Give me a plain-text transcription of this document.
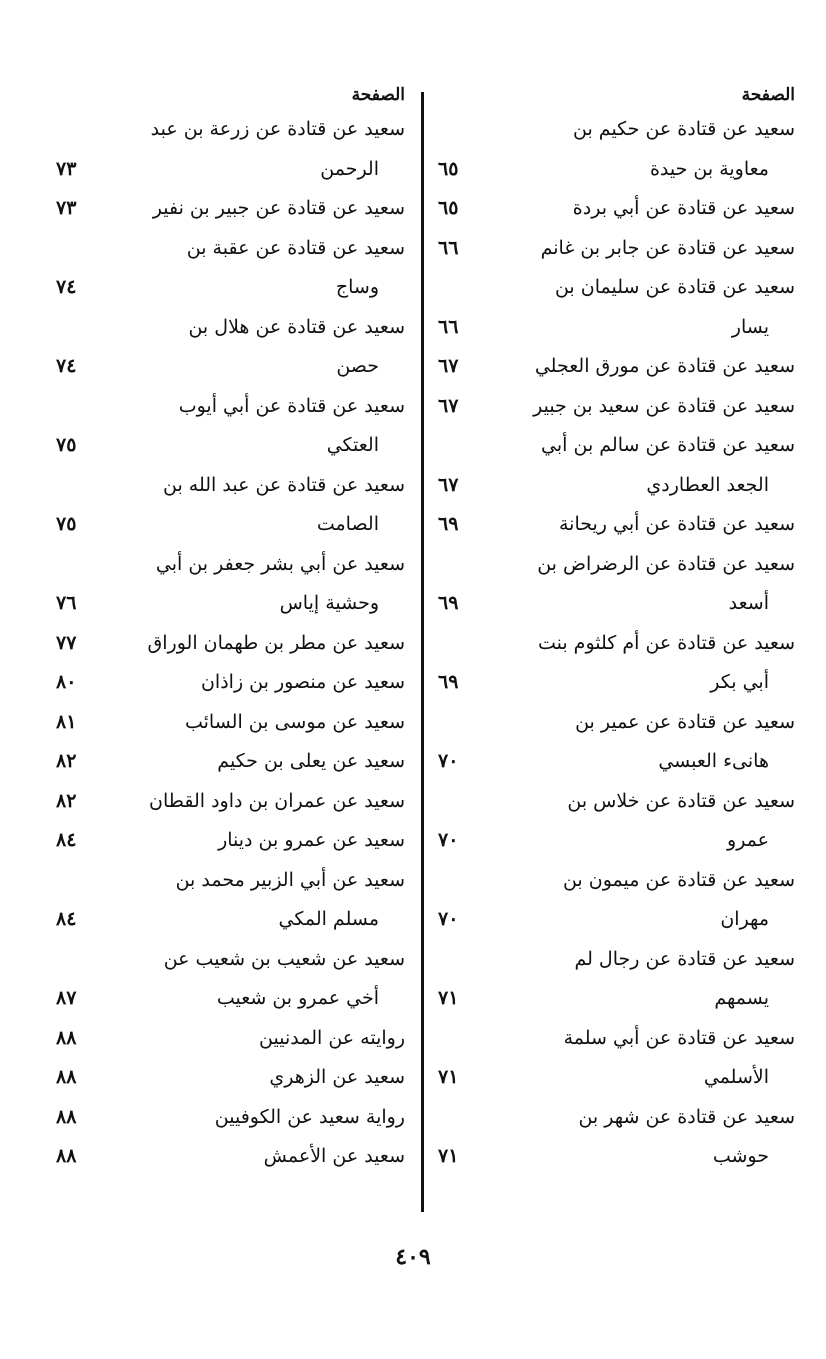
الصفحة
سعيد عن قتادة عن حكيم بن
معاوية بن حيدة
٦٥
سعيد عن قتادة عن أبي بردة
٦٥
سعيد عن قتادة عن جابر بن غانم
٦٦
سعيد عن قتادة عن سليمان بن
يسار
٦٦
سعيد عن قتادة عن مورق العجلي
٦٧
سعيد عن قتادة عن سعيد بن جبير
٦٧
سعيد عن قتادة عن سالم بن أبي
الجعد العطاردي
٦٧
سعيد عن قتادة عن أبي ريحانة
٦٩
سعيد عن قتادة عن الرضراض بن
أسعد
٦٩
سعيد عن قتادة عن أم كلثوم بنت
أبي بكر
٦٩
سعيد عن قتادة عن عمير بن
هانىء العبسي
٧٠
سعيد عن قتادة عن خلاس بن
عمرو
٧٠
سعيد عن قتادة عن ميمون بن
مهران
٧٠
سعيد عن قتادة عن رجال لم
يسمهم
٧١
سعيد عن قتادة عن أبي سلمة
الأسلمي
٧١
سعيد عن قتادة عن شهر بن
حوشب
٧١
الصفحة
سعيد عن قتادة عن زرعة بن عبد
الرحمن
٧٣
سعيد عن قتادة عن جبير بن نفير
٧٣
سعيد عن قتادة عن عقبة بن
وساج
٧٤
سعيد عن قتادة عن هلال بن
حصن
٧٤
سعيد عن قتادة عن أبي أيوب
العتكي
٧٥
سعيد عن قتادة عن عبد الله بن
الصامت
٧٥
سعيد عن أبي بشر جعفر بن أبي
وحشية إياس
٧٦
سعيد عن مطر بن طهمان الوراق
٧٧
سعيد عن منصور بن زاذان
٨٠
سعيد عن موسى بن السائب
٨١
سعيد عن يعلى بن حكيم
٨٢
سعيد عن عمران بن داود القطان
٨٢
سعيد عن عمرو بن دينار
٨٤
سعيد عن أبي الزبير محمد بن
مسلم المكي
٨٤
سعيد عن شعيب بن شعيب عن
أخي عمرو بن شعيب
٨٧
روايته عن المدنيين
٨٨
سعيد عن الزهري
٨٨
رواية سعيد عن الكوفيين
٨٨
سعيد عن الأعمش
٨٨
٤٠٩
